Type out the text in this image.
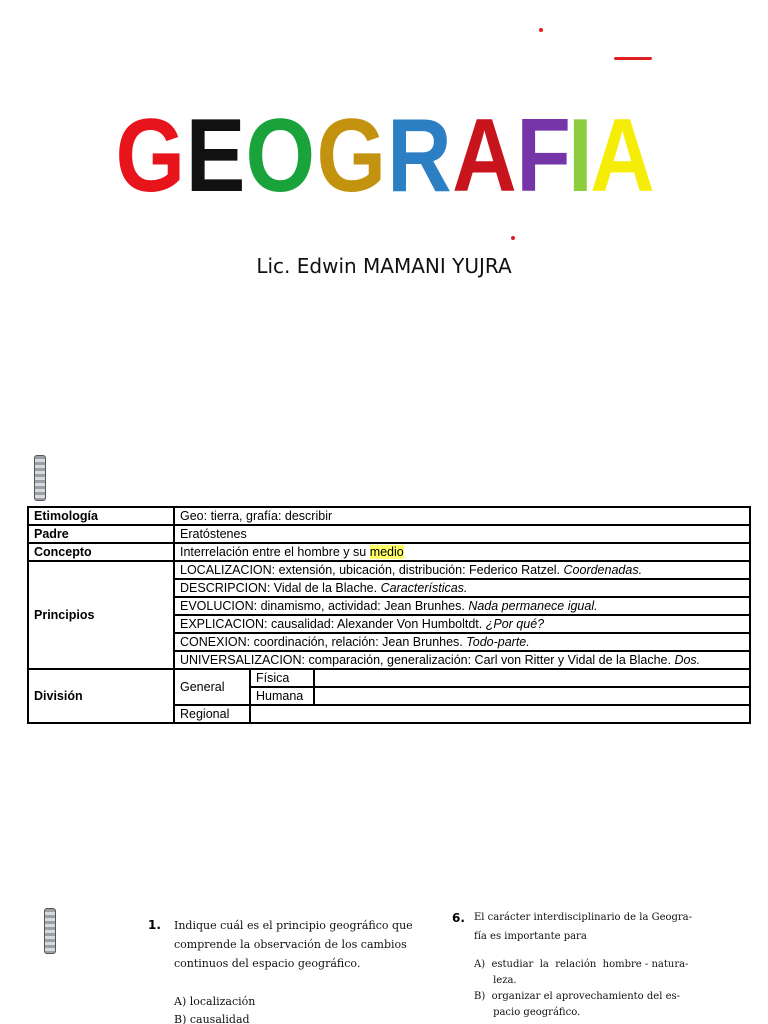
GEOGRAFIA
Lic. Edwin MAMANI YUJRA
Etimología	Geo: tierra, grafía: describir		
Padre	Eratóstenes		
Concepto	Interrelación entre el hombre y su medio		
Principios	LOCALIZACION: extensión, ubicación, distribución: Federico Ratzel. Coordenadas.		
	DESCRIPCION: Vidal de la Blache. Características.		
	EVOLUCION: dinamismo, actividad: Jean Brunhes. Nada permanece igual.		
	EXPLICACION: causalidad: Alexander Von Humboltdt. ¿Por qué?		
	CONEXION: coordinación, relación: Jean Brunhes. Todo-parte.		
	UNIVERSALIZACION: comparación, generalización: Carl von Ritter y Vidal de la Blache. Dos.		
División	General	Física	
		Humana	
	Regional		
1. Indique cuál es el principio geográfico que
comprende la observación de los cambios
continuos del espacio geográfico.
A) localización
B) causalidad
6. El carácter interdisciplinario de la Geogra-
fía es importante para
A)  estudiar  la  relación  hombre - natura-
leza.
B)  organizar el aprovechamiento del es-
pacio geográfico.
